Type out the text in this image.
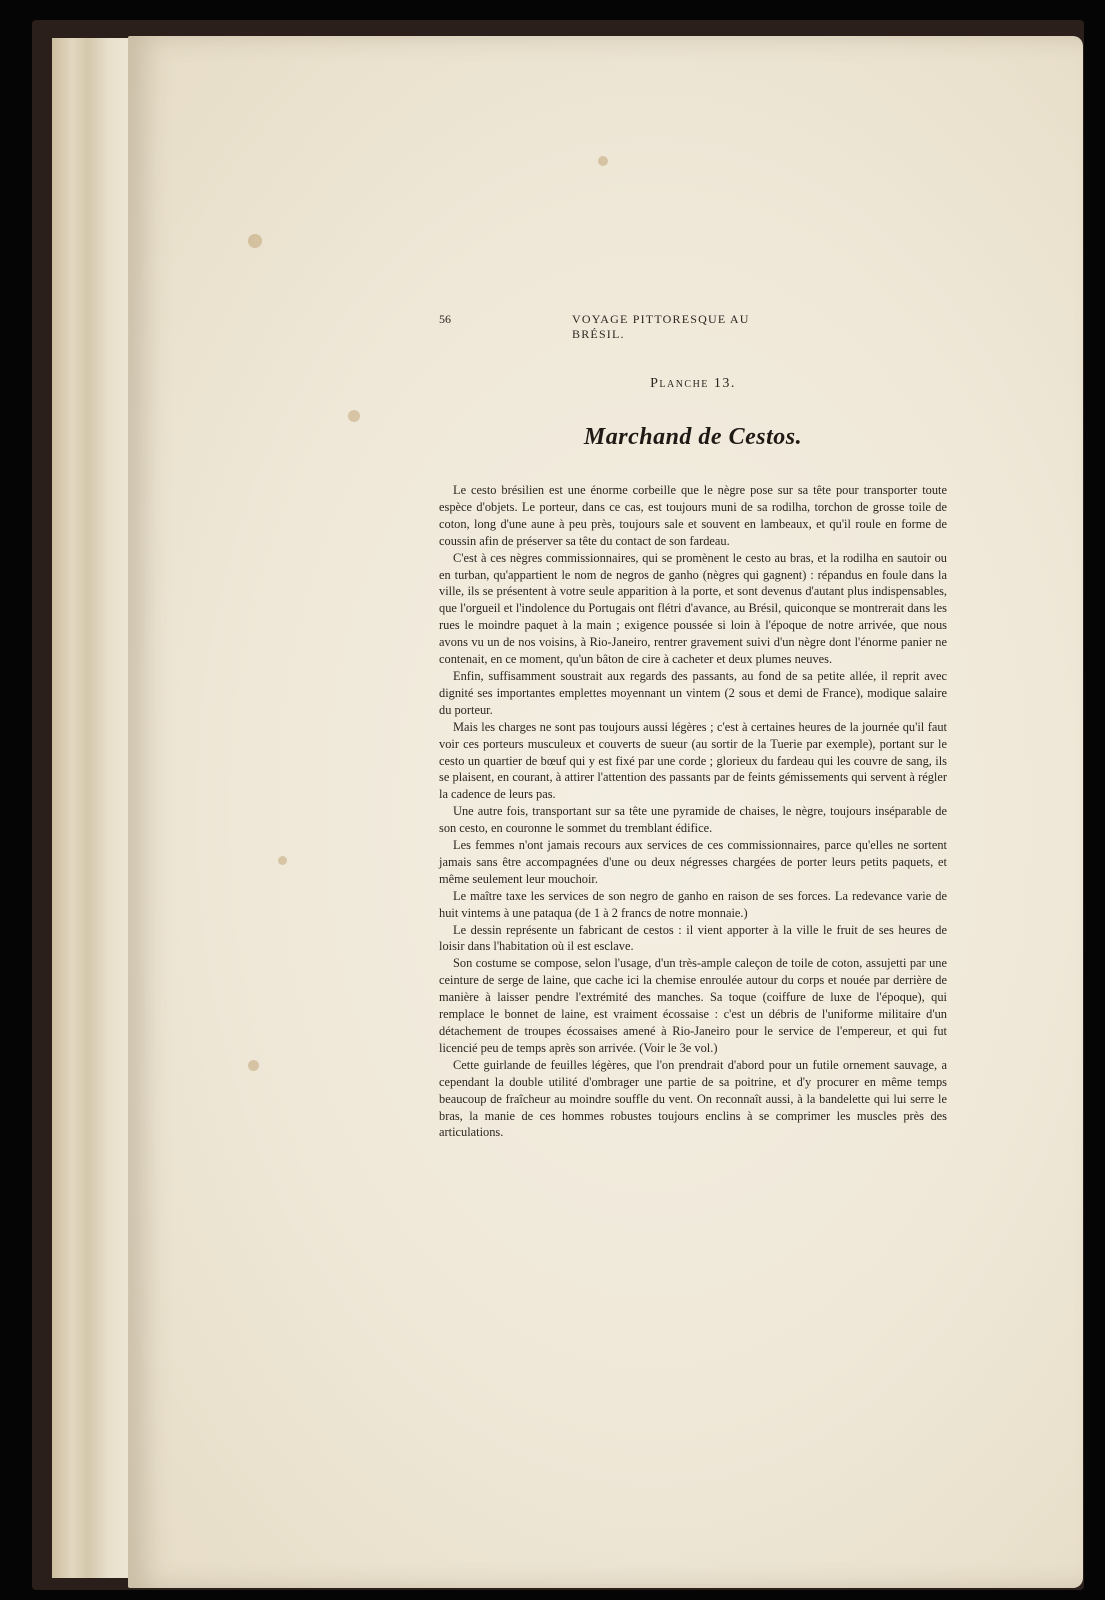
56	VOYAGE PITTORESQUE AU BRÉSIL.
Planche 13.
Marchand de Cestos.

Le cesto brésilien est une énorme corbeille que le nègre pose sur sa tête pour transporter toute espèce d'objets. Le porteur, dans ce cas, est toujours muni de sa rodilha, torchon de grosse toile de coton, long d'une aune à peu près, toujours sale et souvent en lambeaux, et qu'il roule en forme de coussin afin de préserver sa tête du contact de son fardeau.

C'est à ces nègres commissionnaires, qui se promènent le cesto au bras, et la rodilha en sautoir ou en turban, qu'appartient le nom de negros de ganho (nègres qui gagnent) : répandus en foule dans la ville, ils se présentent à votre seule apparition à la porte, et sont devenus d'autant plus indispensables, que l'orgueil et l'indolence du Portugais ont flétri d'avance, au Brésil, quiconque se montrerait dans les rues le moindre paquet à la main ; exigence poussée si loin à l'époque de notre arrivée, que nous avons vu un de nos voisins, à Rio-Janeiro, rentrer gravement suivi d'un nègre dont l'énorme panier ne contenait, en ce moment, qu'un bâton de cire à cacheter et deux plumes neuves.

Enfin, suffisamment soustrait aux regards des passants, au fond de sa petite allée, il reprit avec dignité ses importantes emplettes moyennant un vintem (2 sous et demi de France), modique salaire du porteur.

Mais les charges ne sont pas toujours aussi légères ; c'est à certaines heures de la journée qu'il faut voir ces porteurs musculeux et couverts de sueur (au sortir de la Tuerie par exemple), portant sur le cesto un quartier de bœuf qui y est fixé par une corde ; glorieux du fardeau qui les couvre de sang, ils se plaisent, en courant, à attirer l'attention des passants par de feints gémissements qui servent à régler la cadence de leurs pas.

Une autre fois, transportant sur sa tête une pyramide de chaises, le nègre, toujours inséparable de son cesto, en couronne le sommet du tremblant édifice.

Les femmes n'ont jamais recours aux services de ces commissionnaires, parce qu'elles ne sortent jamais sans être accompagnées d'une ou deux négresses chargées de porter leurs petits paquets, et même seulement leur mouchoir.

Le maître taxe les services de son negro de ganho en raison de ses forces. La redevance varie de huit vintems à une pataqua (de 1 à 2 francs de notre monnaie.)

Le dessin représente un fabricant de cestos : il vient apporter à la ville le fruit de ses heures de loisir dans l'habitation où il est esclave.

Son costume se compose, selon l'usage, d'un très-ample caleçon de toile de coton, assujetti par une ceinture de serge de laine, que cache ici la chemise enroulée autour du corps et nouée par derrière de manière à laisser pendre l'extrémité des manches. Sa toque (coiffure de luxe de l'époque), qui remplace le bonnet de laine, est vraiment écossaise : c'est un débris de l'uniforme militaire d'un détachement de troupes écossaises amené à Rio-Janeiro pour le service de l'empereur, et qui fut licencié peu de temps après son arrivée. (Voir le 3e vol.)

Cette guirlande de feuilles légères, que l'on prendrait d'abord pour un futile ornement sauvage, a cependant la double utilité d'ombrager une partie de sa poitrine, et d'y procurer en même temps beaucoup de fraîcheur au moindre souffle du vent. On reconnaît aussi, à la bandelette qui lui serre le bras, la manie de ces hommes robustes toujours enclins à se comprimer les muscles près des articulations.
